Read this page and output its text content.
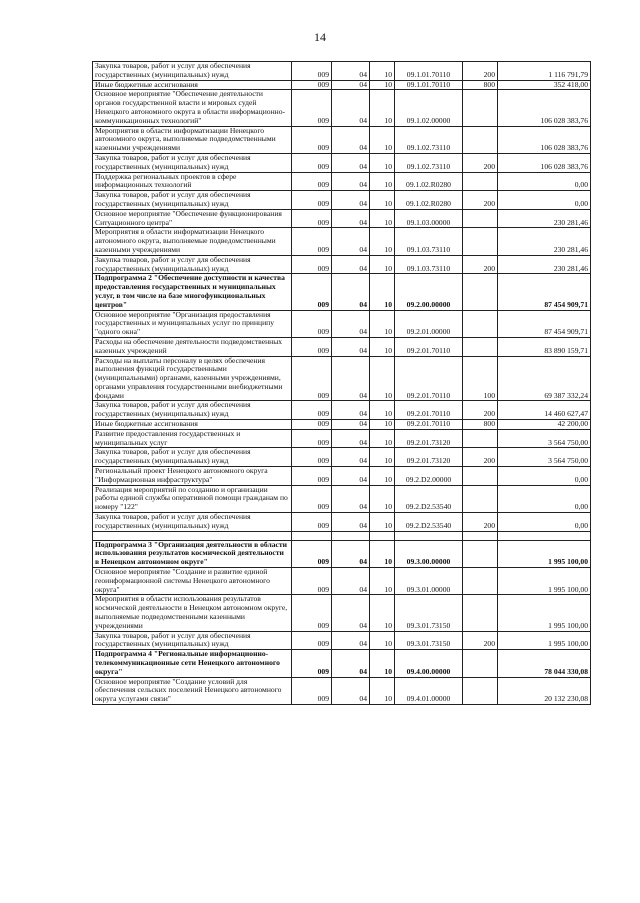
14
Закупка товаров, работ и услуг для обеспечения государственных (муниципальных) нужд	009	04	10	09.1.01.70110	200	1 116 791,79
Иные бюджетные ассигнования	009	04	10	09.1.01.70110	800	352 418,00
Основное мероприятие "Обеспечение деятельности органов государственной власти и мировых судей Ненецкого автономного округа в области информационно-коммуникационных технологий"	009	04	10	09.1.02.00000		106 028 383,76
Мероприятия в области информатизации Ненецкого автономного округа, выполняемые подведомственными казенными учреждениями	009	04	10	09.1.02.73110		106 028 383,76
Закупка товаров, работ и услуг для обеспечения государственных (муниципальных) нужд	009	04	10	09.1.02.73110	200	106 028 383,76
Поддержка региональных проектов в сфере информационных технологий	009	04	10	09.1.02.R0280		0,00
Закупка товаров, работ и услуг для обеспечения государственных (муниципальных) нужд	009	04	10	09.1.02.R0280	200	0,00
Основное мероприятие "Обеспечение функционирования Ситуационного центра"	009	04	10	09.1.03.00000		230 281,46
Мероприятия в области информатизации Ненецкого автономного округа, выполняемые подведомственными казенными учреждениями	009	04	10	09.1.03.73110		230 281,46
Закупка товаров, работ и услуг для обеспечения государственных (муниципальных) нужд	009	04	10	09.1.03.73110	200	230 281,46
Подпрограмма 2 "Обеспечение доступности и качества предоставления государственных и муниципальных услуг, в том числе на базе многофункциональных центров"	009	04	10	09.2.00.00000		87 454 909,71
Основное мероприятие "Организация предоставления государственных и муниципальных услуг по принципу "одного окна"	009	04	10	09.2.01.00000		87 454 909,71
Расходы на обеспечение деятельности подведомственных казенных учреждений	009	04	10	09.2.01.70110		83 890 159,71
Расходы на выплаты персоналу в целях обеспечения выполнения функций государственными (муниципальными) органами, казенными учреждениями, органами управления государственными внебюджетными фондами	009	04	10	09.2.01.70110	100	69 387 332,24
Закупка товаров, работ и услуг для обеспечения государственных (муниципальных) нужд	009	04	10	09.2.01.70110	200	14 460 627,47
Иные бюджетные ассигнования	009	04	10	09.2.01.70110	800	42 200,00
Развитие предоставления государственных и муниципальных услуг	009	04	10	09.2.01.73120		3 564 750,00
Закупка товаров, работ и услуг для обеспечения государственных (муниципальных) нужд	009	04	10	09.2.01.73120	200	3 564 750,00
Региональный проект Ненецкого автономного округа "Информационная инфраструктура"	009	04	10	09.2.D2.00000		0,00
Реализация мероприятий по созданию и организации работы единой службы оперативной помощи гражданам по номеру "122"	009	04	10	09.2.D2.53540		0,00
Закупка товаров, работ и услуг для обеспечения государственных (муниципальных) нужд	009	04	10	09.2.D2.53540	200	0,00

Подпрограмма 3 "Организация деятельности в области использования результатов космической деятельности в Ненецком автономном округе"	009	04	10	09.3.00.00000		1 995 100,00
Основное мероприятие "Создание и развитие единой геоинформационной системы Ненецкого автономного округа"	009	04	10	09.3.01.00000		1 995 100,00
Мероприятия в области использования результатов космической деятельности в Ненецком автономном округе, выполняемые подведомственными казенными учреждениями	009	04	10	09.3.01.73150		1 995 100,00
Закупка товаров, работ и услуг для обеспечения государственных (муниципальных) нужд	009	04	10	09.3.01.73150	200	1 995 100,00
Подпрограмма 4 "Региональные информационно-телекоммуникационные сети Ненецкого автономного округа"	009	04	10	09.4.00.00000		78 044 330,08
Основное мероприятие "Создание условий для обеспечения сельских поселений Ненецкого автономного округа услугами связи"	009	04	10	09.4.01.00000		20 132 230,08
